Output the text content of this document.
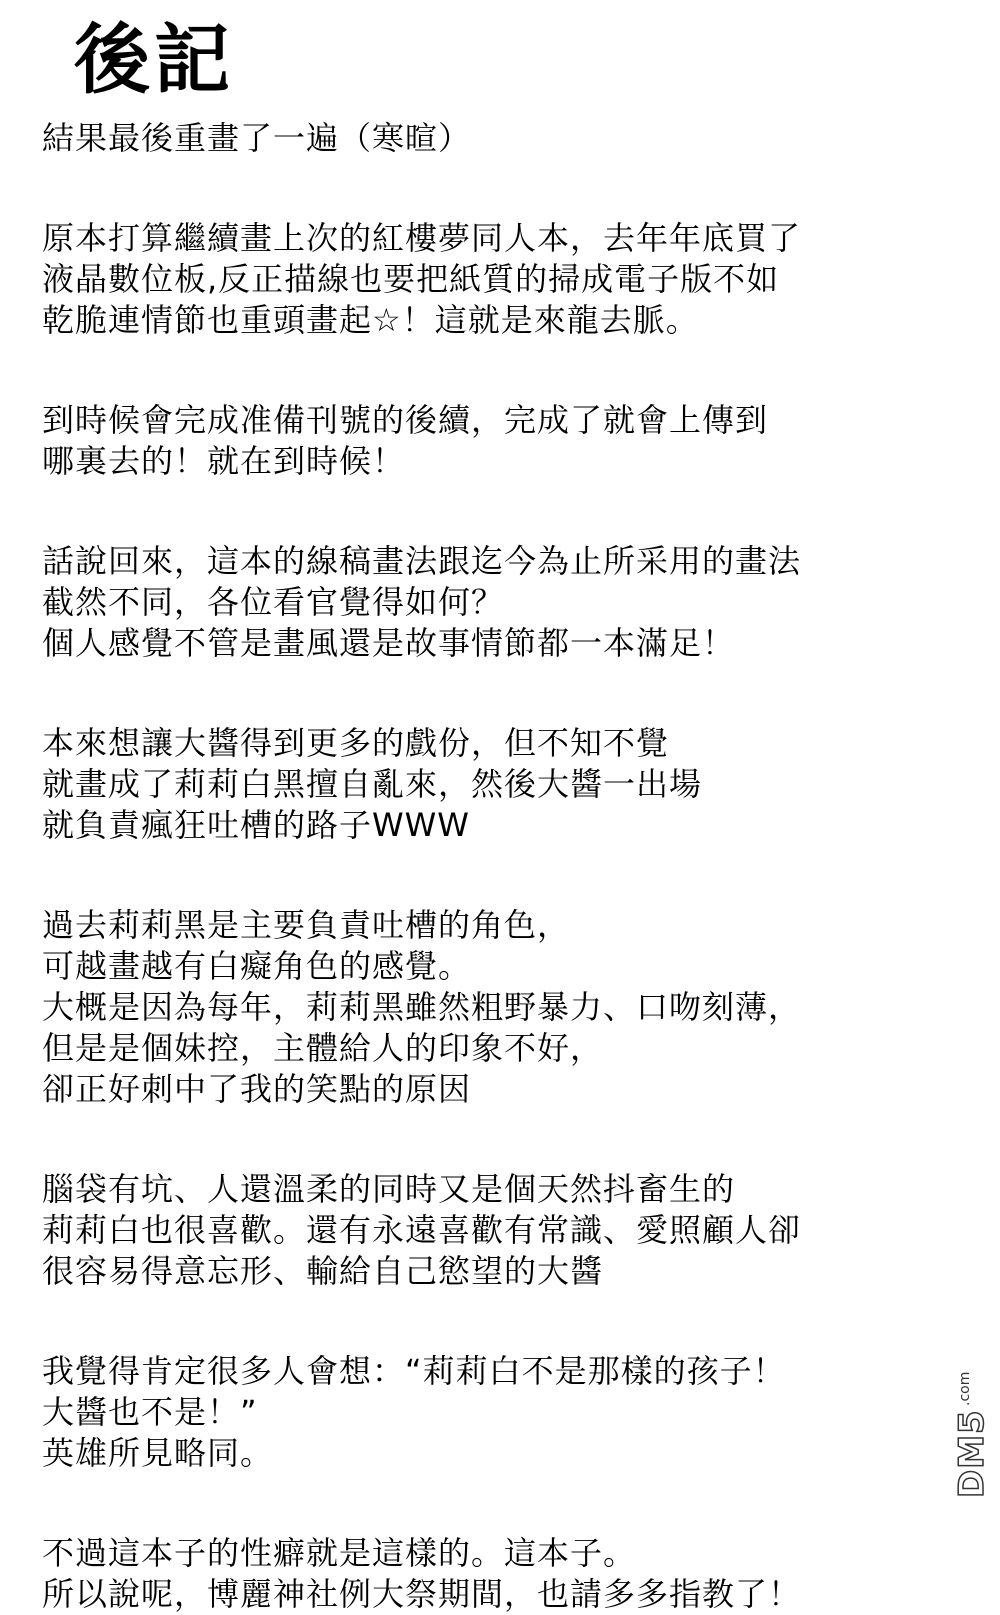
後記
結果最後重畫了一遍（寒暄）
原本打算繼續畫上次的紅樓夢同人本，去年年底買了
液晶數位板,反正描線也要把紙質的掃成電子版不如
乾脆連情節也重頭畫起☆！這就是來龍去脈。
到時候會完成准備刊號的後續，完成了就會上傳到
哪裏去的！就在到時候！
話說回來，這本的線稿畫法跟迄今為止所采用的畫法
截然不同，各位看官覺得如何？
個人感覺不管是畫風還是故事情節都一本滿足！
本來想讓大醬得到更多的戲份，但不知不覺
就畫成了莉莉白黑擅自亂來，然後大醬一出場
就負責瘋狂吐槽的路子WWW
過去莉莉黑是主要負責吐槽的角色，
可越畫越有白癡角色的感覺。
大概是因為每年，莉莉黑雖然粗野暴力、口吻刻薄，
但是是個妹控，主體給人的印象不好，
卻正好刺中了我的笑點的原因
腦袋有坑、人還溫柔的同時又是個天然抖畜生的
莉莉白也很喜歡。還有永遠喜歡有常識、愛照顧人卻
很容易得意忘形、輸給自己慾望的大醬
我覺得肯定很多人會想：“莉莉白不是那樣的孩子！
大醬也不是！”
英雄所見略同。
不過這本子的性癖就是這樣的。這本子。
所以說呢，博麗神社例大祭期間，也請多多指教了！
DM5
.com
